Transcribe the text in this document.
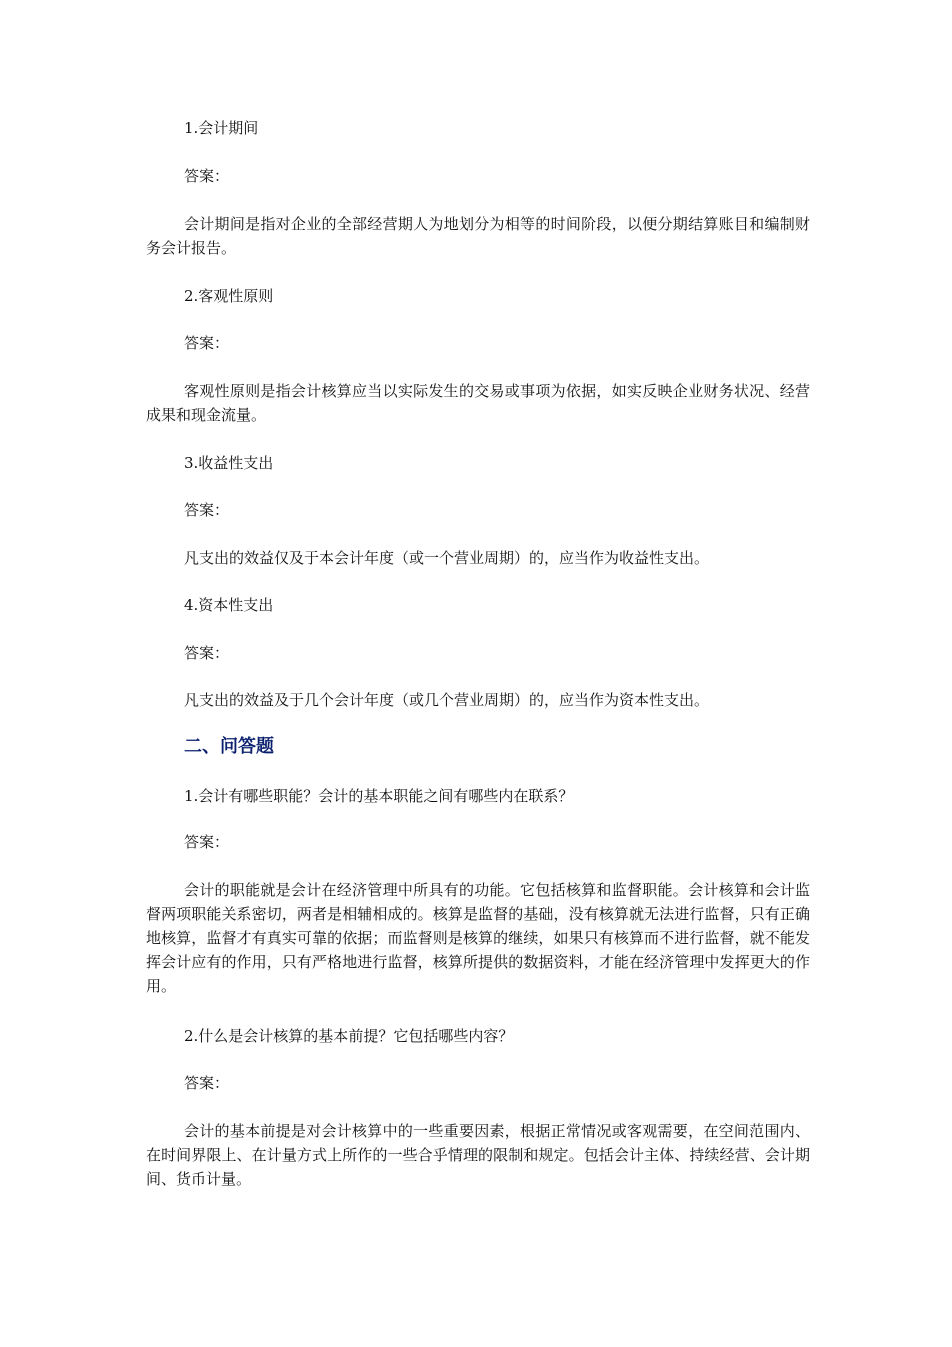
1.会计期间
答案：

会计期间是指对企业的全部经营期人为地划分为相等的时间阶段，以便分期结算账目和编制财务会计报告。

2.客观性原则
答案：

客观性原则是指会计核算应当以实际发生的交易或事项为依据，如实反映企业财务状况、经营成果和现金流量。

3.收益性支出
答案：
凡支出的效益仅及于本会计年度（或一个营业周期）的，应当作为收益性支出。
4.资本性支出
答案：
凡支出的效益及于几个会计年度（或几个营业周期）的，应当作为资本性支出。
二、问答题
1.会计有哪些职能？会计的基本职能之间有哪些内在联系？
答案：

会计的职能就是会计在经济管理中所具有的功能。它包括核算和监督职能。会计核算和会计监督两项职能关系密切，两者是相辅相成的。核算是监督的基础，没有核算就无法进行监督，只有正确地核算，监督才有真实可靠的依据；而监督则是核算的继续，如果只有核算而不进行监督，就不能发挥会计应有的作用，只有严格地进行监督，核算所提供的数据资料，才能在经济管理中发挥更大的作用。

2.什么是会计核算的基本前提？它包括哪些内容？
答案：

会计的基本前提是对会计核算中的一些重要因素，根据正常情况或客观需要，在空间范围内、在时间界限上、在计量方式上所作的一些合乎情理的限制和规定。包括会计主体、持续经营、会计期间、货币计量。
